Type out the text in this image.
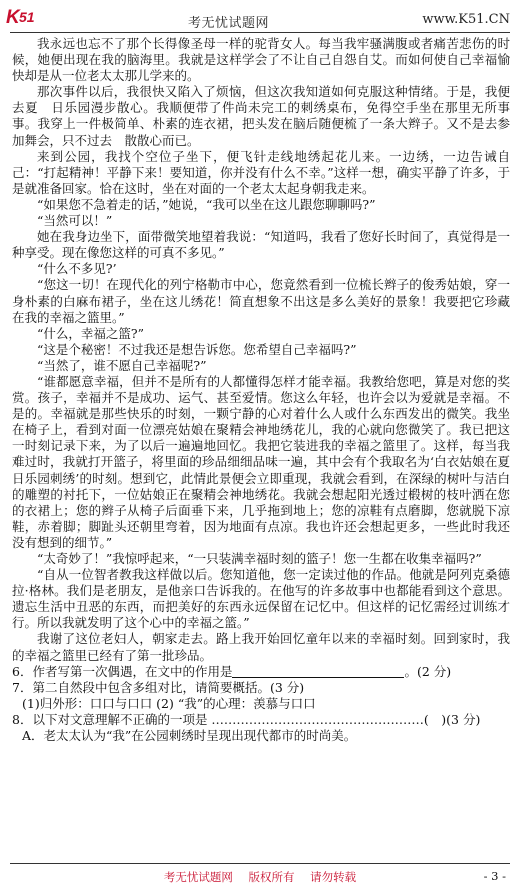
K 51	考无忧试题网	www.K51.CN

我永远也忘不了那个长得像圣母一样的驼背女人。每当我牢骚满腹或者痛苦悲伤的时候，她便出现在我的脑海里。我就是这样学会了不让自己自怨自艾。而如何使自己幸福愉快却是从一位老太太那儿学来的。

那次事件以后，我很快又陷入了烦恼，但这次我知道如何克服这种情绪。于是，我便去夏　日乐园漫步散心。我顺便带了件尚未完工的刺绣桌布，免得空手坐在那里无所事事。我穿上一件极简单、朴素的连衣裙，把头发在脑后随便梳了一条大辫子。又不是去参加舞会，只不过去　散散心而已。

来到公园，我找个空位子坐下，便飞针走线地绣起花儿来。一边绣，一边告诫自己：“打起精神！平静下来！要知道，你并没有什么不幸。”这样一想，确实平静了许多，于是就准备回家。恰在这时，坐在对面的一个老太太起身朝我走来。

“如果您不急着走的话，”她说，“我可以坐在这儿跟您聊聊吗?”

“当然可以！”

她在我身边坐下，面带微笑地望着我说：“知道吗，我看了您好长时间了，真觉得是一种享受。现在像您这样的可真不多见。”

“什么不多见?’

“您这一切！在现代化的列宁格勒市中心，您竟然看到一位梳长辫子的俊秀姑娘，穿一身朴素的白麻布裙子，坐在这儿绣花！简直想象不出这是多么美好的景象！我要把它珍藏在我的幸福之篮里。”

“什么，幸福之篮?”

“这是个秘密！不过我还是想告诉您。您希望自己幸福吗?”

“当然了，谁不愿自己幸福呢?”

“谁都愿意幸福，但并不是所有的人都懂得怎样才能幸福。我教给您吧，算是对您的奖赏。孩子，幸福并不是成功、运气、甚至爱情。您这么年轻，也许会以为爱就是幸福。不是的。幸福就是那些快乐的时刻，一颗宁静的心对着什么人或什么东西发出的微笑。我坐在椅子上，看到对面一位漂亮姑娘在聚精会神地绣花儿，我的心就向您微笑了。我已把这一时刻记录下来，为了以后一遍遍地回忆。我把它装进我的幸福之篮里了。这样，每当我难过时，我就打开篮子，将里面的珍品细细品味一遍，其中会有个我取名为‘白衣姑娘在夏日乐园刺绣’的时刻。想到它，此情此景便会立即重现，我就会看到，在深绿的树叶与洁白的雕塑的衬托下，一位姑娘正在聚精会神地绣花。我就会想起阳光透过椴树的枝叶洒在您的衣裙上；您的辫子从椅子后面垂下来，几乎拖到地上；您的凉鞋有点磨脚，您就脱下凉鞋，赤着脚；脚趾头还朝里弯着，因为地面有点凉。我也许还会想起更多，一些此时我还没有想到的细节。”

“太奇妙了！”我惊呼起来，“一只装满幸福时刻的篮子！您一生都在收集幸福吗?”

“自从一位智者教我这样做以后。您知道他，您一定读过他的作品。他就是阿列克桑德拉·格林。我们是老朋友，是他亲口告诉我的。在他写的许多故事中也都能看到这个意思。遗忘生活中丑恶的东西，而把美好的东西永远保留在记忆中。但这样的记忆需经过训练才行。所以我就发明了这个心中的幸福之篮。”

我谢了这位老妇人，朝家走去。路上我开始回忆童年以来的幸福时刻。回到家时，我的幸福之篮里已经有了第一批珍品。

6．作者写第一次偶遇，在文中的作用是	。(2 分)

7．第二自然段中包含多组对比，请简要概括。(3 分)

(1)归外形：口口与口口 (2) “我”的心理：羡慕与口口

8．以下对文意理解不正确的一项是 ……………………………………………(　)(3 分)

A．老太太认为“我”在公园刺绣时呈现出现代都市的时尚美。

考无忧试题网 版权所有 请勿转载	- 3 -
